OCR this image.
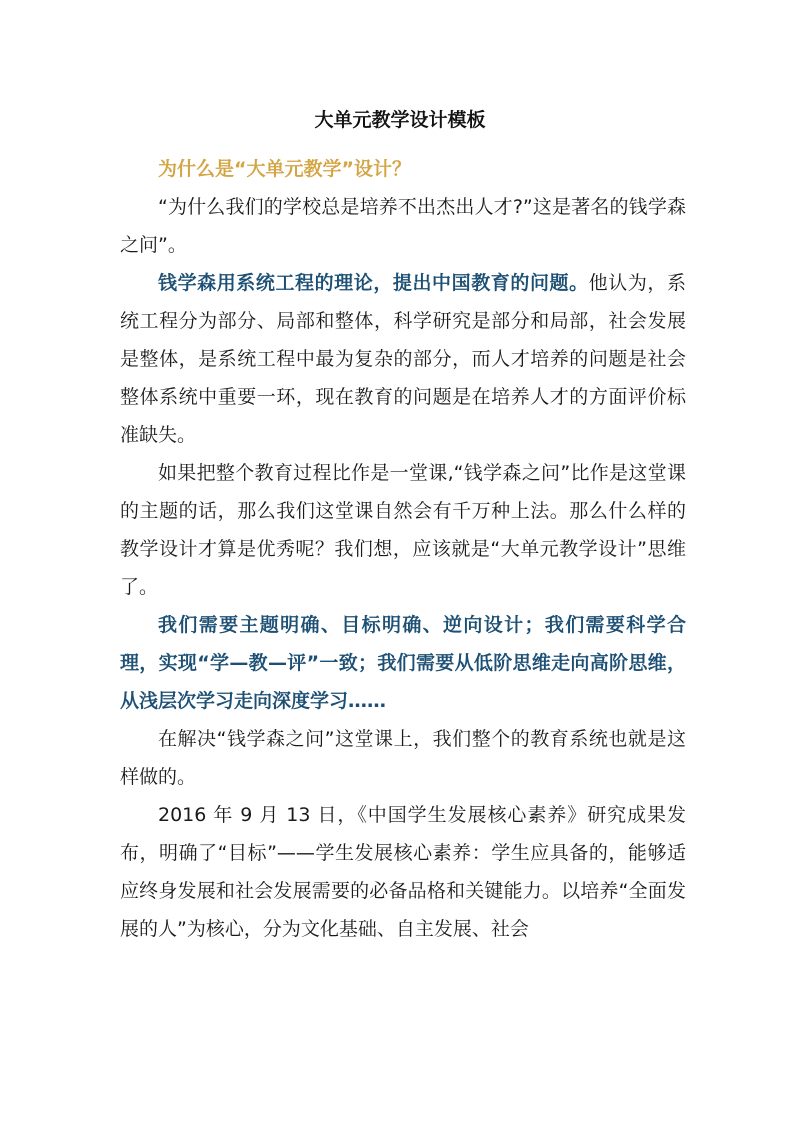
大单元教学设计模板

为什么是“大单元教学”设计？

“为什么我们的学校总是培养不出杰出人才?”这是著名的钱学森之问”。

钱学森用系统工程的理论，提出中国教育的问题。他认为，系统工程分为部分、局部和整体，科学研究是部分和局部，社会发展是整体，是系统工程中最为复杂的部分，而人才培养的问题是社会整体系统中重要一环，现在教育的问题是在培养人才的方面评价标准缺失。

如果把整个教育过程比作是一堂课,“钱学森之问”比作是这堂课的主题的话，那么我们这堂课自然会有千万种上法。那么什么样的教学设计才算是优秀呢？我们想，应该就是“大单元教学设计”思维了。

我们需要主题明确、目标明确、逆向设计；我们需要科学合理，实现“学—教—评”一致；我们需要从低阶思维走向高阶思维，从浅层次学习走向深度学习……

在解决“钱学森之问”这堂课上，我们整个的教育系统也就是这样做的。

2016 年 9 月 13 日，《中国学生发展核心素养》研究成果发布，明确了“目标”——学生发展核心素养：学生应具备的，能够适应终身发展和社会发展需要的必备品格和关键能力。以培养“全面发展的人”为核心，分为文化基础、自主发展、社会
